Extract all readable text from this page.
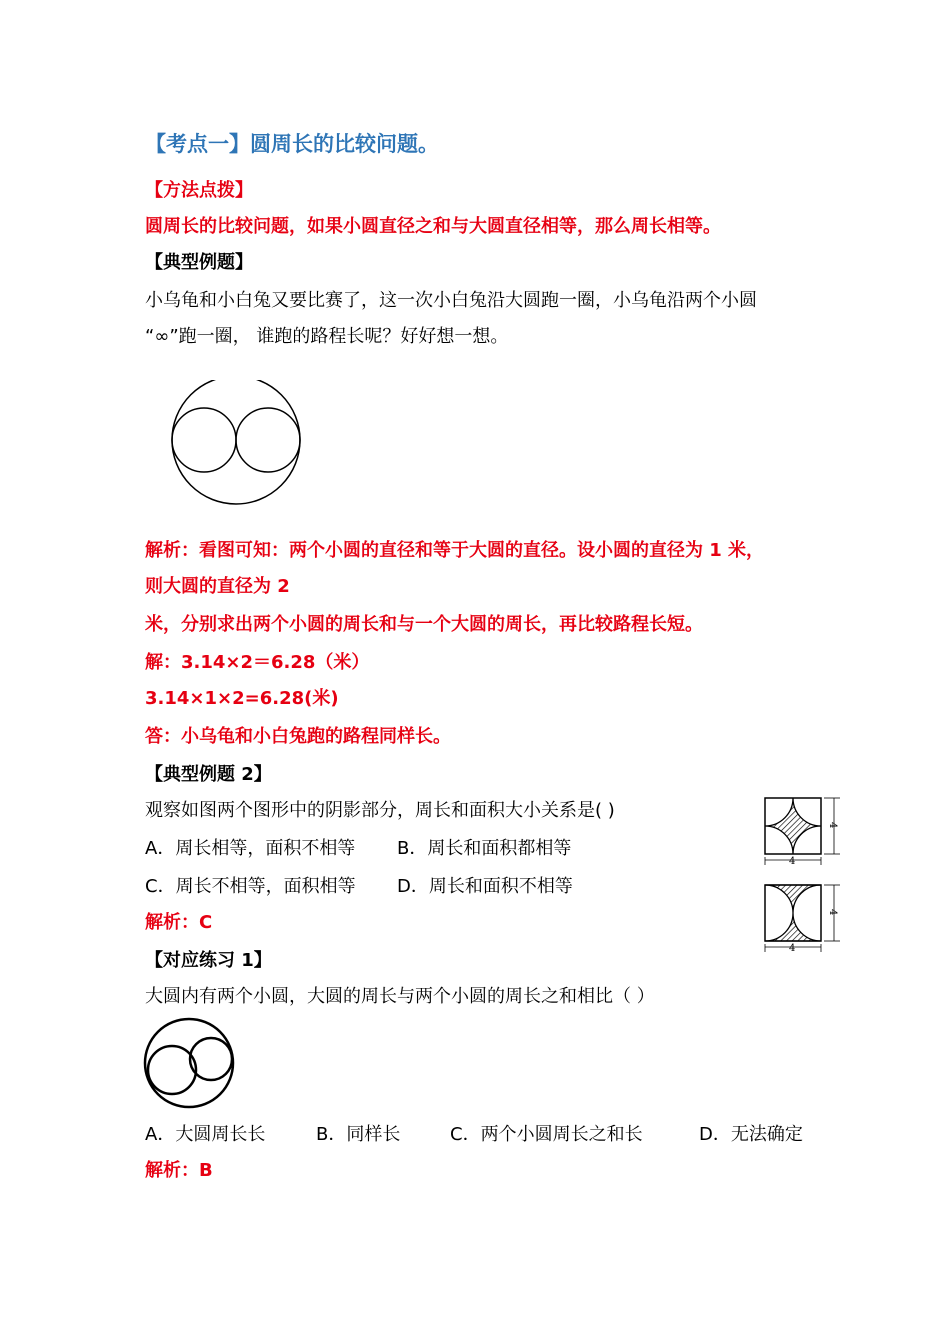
【考点一】圆周长的比较问题。
【方法点拨】
圆周长的比较问题，如果小圆直径之和与大圆直径相等，那么周长相等。
【典型例题】
小乌龟和小白兔又要比赛了，这一次小白兔沿大圆跑一圈，小乌龟沿两个小圆
“∞”跑一圈， 谁跑的路程长呢？好好想一想。
解析：看图可知：两个小圆的直径和等于大圆的直径。设小圆的直径为 1 米，
则大圆的直径为 2
米，分别求出两个小圆的周长和与一个大圆的周长，再比较路程长短。
解：3.14×2＝6.28（米）
3.14×1×2=6.28(米)
答：小乌龟和小白兔跑的路程同样长。
【典型例题 2】
观察如图两个图形中的阴影部分，周长和面积大小关系是( )
A．周长相等，面积不相等 B．周长和面积都相等
C．周长不相等，面积相等 D．周长和面积不相等
解析：C
4
4
4
4
【对应练习 1】
大圆内有两个小圆，大圆的周长与两个小圆的周长之和相比（ ）
A．大圆周长长	B．同样长	C．两个小圆周长之和长	D．无法确定
解析：B
